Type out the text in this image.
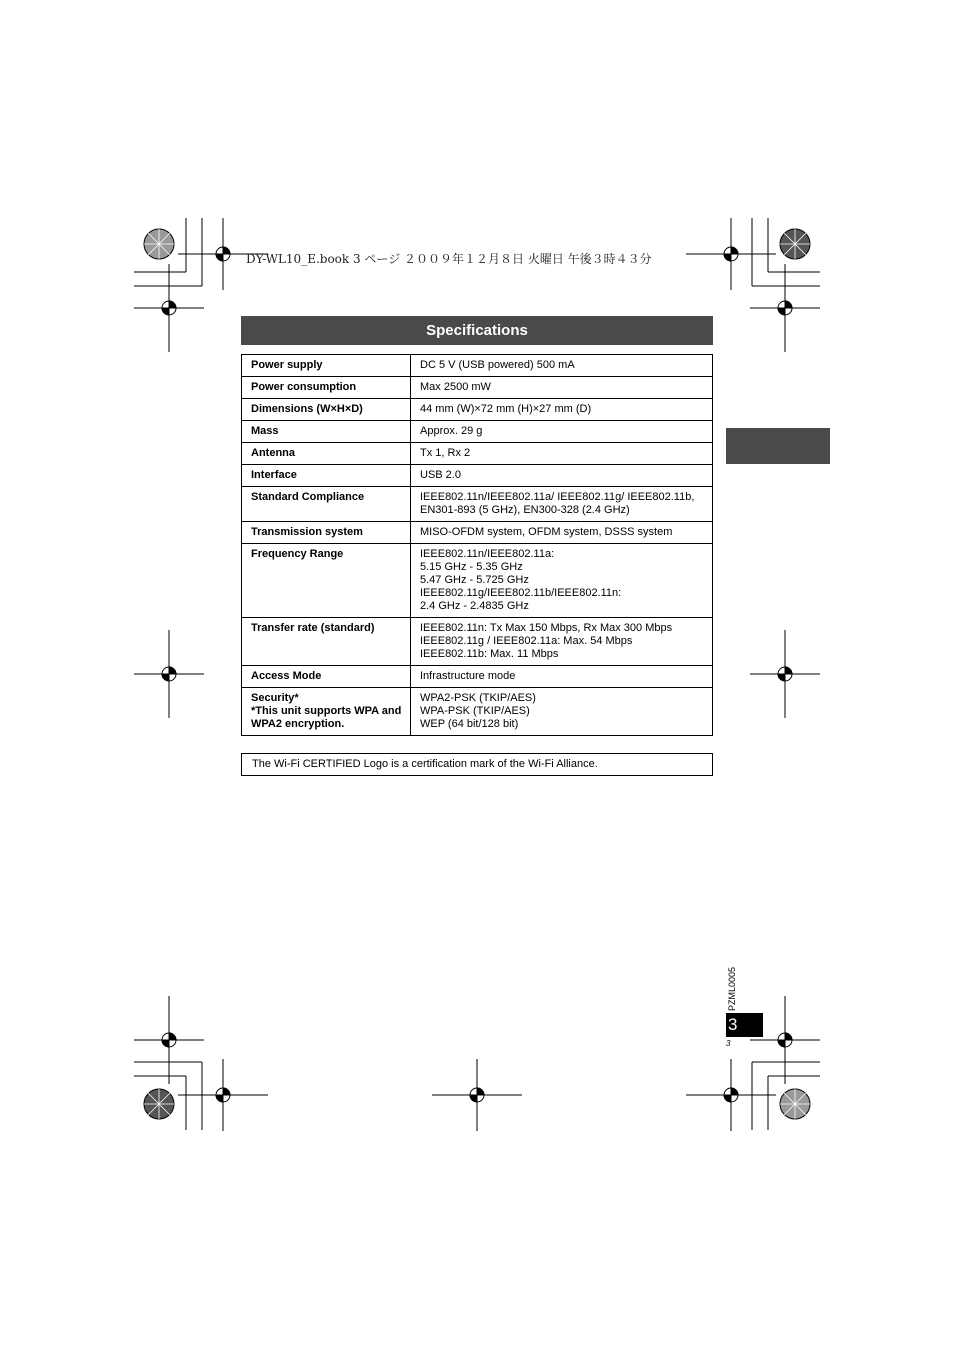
DY-WL10_E.book 3 ページ ２００９年１２月８日 火曜日 午後３時４３分
Specifications
Power supply	DC 5 V (USB powered) 500 mA
Power consumption	Max 2500 mW
Dimensions (W×H×D)	44 mm (W)×72 mm (H)×27 mm (D)
Mass	Approx. 29 g
Antenna	Tx 1, Rx 2
Interface	USB 2.0
Standard Compliance	IEEE802.11n/IEEE802.11a/ IEEE802.11g/ IEEE802.11b,
EN301-893 (5 GHz), EN300-328 (2.4 GHz)
Transmission system	MISO-OFDM system, OFDM system, DSSS system
Frequency Range	IEEE802.11n/IEEE802.11a:
5.15 GHz - 5.35 GHz
5.47 GHz - 5.725 GHz
IEEE802.11g/IEEE802.11b/IEEE802.11n:
2.4 GHz - 2.4835 GHz
Transfer rate (standard)	IEEE802.11n: Tx Max 150 Mbps, Rx Max 300 Mbps
IEEE802.11g / IEEE802.11a: Max. 54 Mbps
IEEE802.11b: Max. 11 Mbps
Access Mode	Infrastructure mode
Security*
*This unit supports WPA and WPA2 encryption.	WPA2-PSK (TKIP/AES)
WPA-PSK (TKIP/AES)
WEP (64 bit/128 bit)
The Wi-Fi CERTIFIED Logo is a certification mark of the Wi-Fi Alliance.
PZML0005
3
3
